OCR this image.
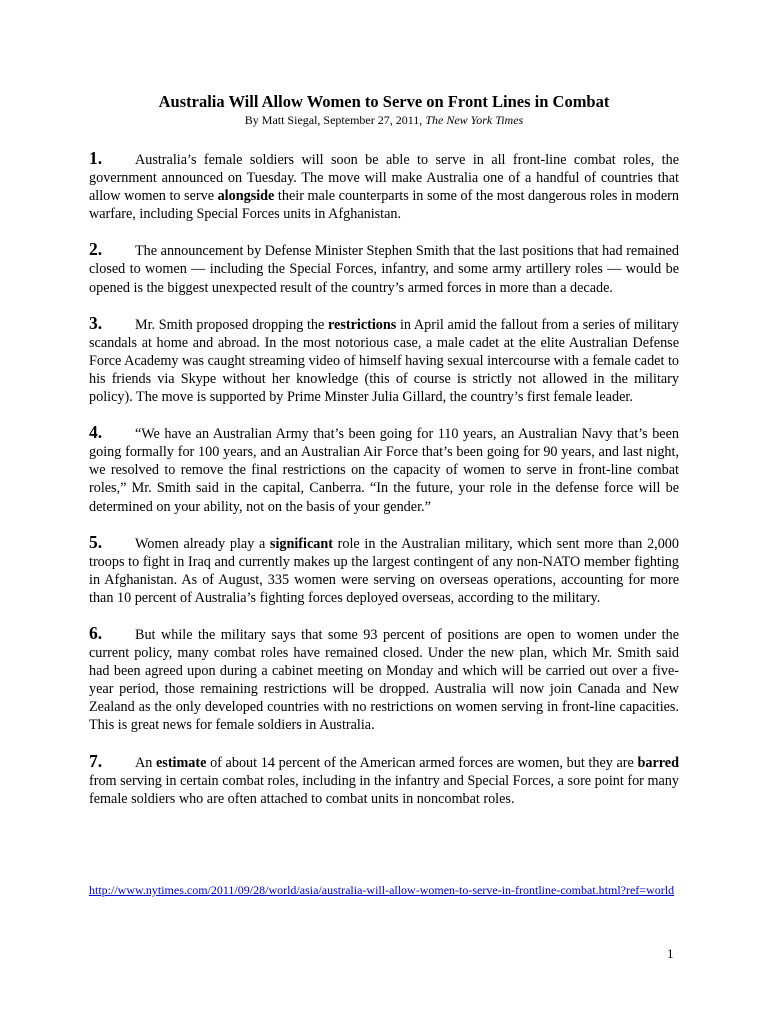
Australia Will Allow Women to Serve on Front Lines in Combat

By Matt Siegal, September 27, 2011, The New York Times

1. Australia’s female soldiers will soon be able to serve in all front-line combat roles, the government announced on Tuesday. The move will make Australia one of a handful of countries that allow women to serve alongside their male counterparts in some of the most dangerous roles in modern warfare, including Special Forces units in Afghanistan.

2. The announcement by Defense Minister Stephen Smith that the last positions that had remained closed to women — including the Special Forces, infantry, and some army artillery roles — would be opened is the biggest unexpected result of the country’s armed forces in more than a decade.

3. Mr. Smith proposed dropping the restrictions in April amid the fallout from a series of military scandals at home and abroad. In the most notorious case, a male cadet at the elite Australian Defense Force Academy was caught streaming video of himself having sexual intercourse with a female cadet to his friends via Skype without her knowledge (this of course is strictly not allowed in the military policy). The move is supported by Prime Minster Julia Gillard, the country’s first female leader.

4. “We have an Australian Army that’s been going for 110 years, an Australian Navy that’s been going formally for 100 years, and an Australian Air Force that’s been going for 90 years, and last night, we resolved to remove the final restrictions on the capacity of women to serve in front-line combat roles,” Mr. Smith said in the capital, Canberra. “In the future, your role in the defense force will be determined on your ability, not on the basis of your gender.”

5. Women already play a significant role in the Australian military, which sent more than 2,000 troops to fight in Iraq and currently makes up the largest contingent of any non-NATO member fighting in Afghanistan. As of August, 335 women were serving on overseas operations, accounting for more than 10 percent of Australia’s fighting forces deployed overseas, according to the military.

6. But while the military says that some 93 percent of positions are open to women under the current policy, many combat roles have remained closed. Under the new plan, which Mr. Smith said had been agreed upon during a cabinet meeting on Monday and which will be carried out over a five-year period, those remaining restrictions will be dropped. Australia will now join Canada and New Zealand as the only developed countries with no restrictions on women serving in front-line capacities. This is great news for female soldiers in Australia.

7. An estimate of about 14 percent of the American armed forces are women, but they are barred from serving in certain combat roles, including in the infantry and Special Forces, a sore point for many female soldiers who are often attached to combat units in noncombat roles.

http://www.nytimes.com/2011/09/28/world/asia/australia-will-allow-women-to-serve-in-frontline-combat.html?ref=world
1
